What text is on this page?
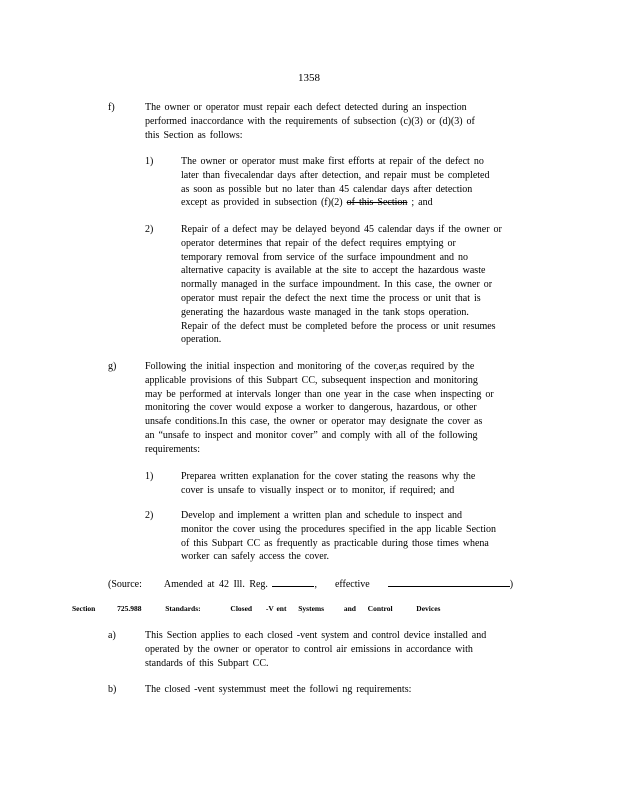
1358
f)	The owner or operator must repair each defect detected during an inspection
performed inaccordance with the requirements of subsection (c)(3) or (d)(3) of
this Section as follows:
1)	The owner or operator must make first efforts at repair of the defect no
later than fivecalendar days after detection, and repair must be completed
as soon as possible but no later than 45 calendar days after detection
except as provided in subsection (f)(2) of this Section ; and
2)	Repair of a defect may be delayed beyond 45 calendar days if the owner or
operator determines that repair of the defect requires emptying or
temporary removal from service of the surface impoundment and no
alternative capacity is available at the site to accept the hazardous waste
normally managed in the surface impoundment. In this case, the owner or
operator must repair the defect the next time the process or unit that is
generating the hazardous waste managed in the tank stops operation.
Repair of the defect must be completed before the process or unit resumes
operation.
g)	Following the initial inspection and monitoring of the cover,as required by the
applicable provisions of this Subpart CC, subsequent inspection and monitoring
may be performed at intervals longer than one year in the case when inspecting or
monitoring the cover would expose a worker to dangerous, hazardous, or other
unsafe conditions.In this case, the owner or operator may designate the cover as
an “unsafe to inspect and monitor cover” and comply with all of the following
requirements:
1)	Preparea written explanation for the cover stating the reasons why the
cover is unsafe to visually inspect or to monitor, if required; and
2)	Develop and implement a written plan and schedule to inspect and
monitor the cover using the procedures specified in the app licable Section
of this Subpart CC as frequently as practicable during those times whena
worker can safely access the cover.
(Source: Amended at 42 Ill. Reg.	, effective	)
Section	725.988	Standards:	Closed -V ent Systems	and Control	Devices
a)	This Section applies to each closed -vent system and control device installed and
operated by the owner or operator to control air emissions in accordance with
standards of this Subpart CC.
b)	The closed -vent systemmust meet the followi ng requirements:
